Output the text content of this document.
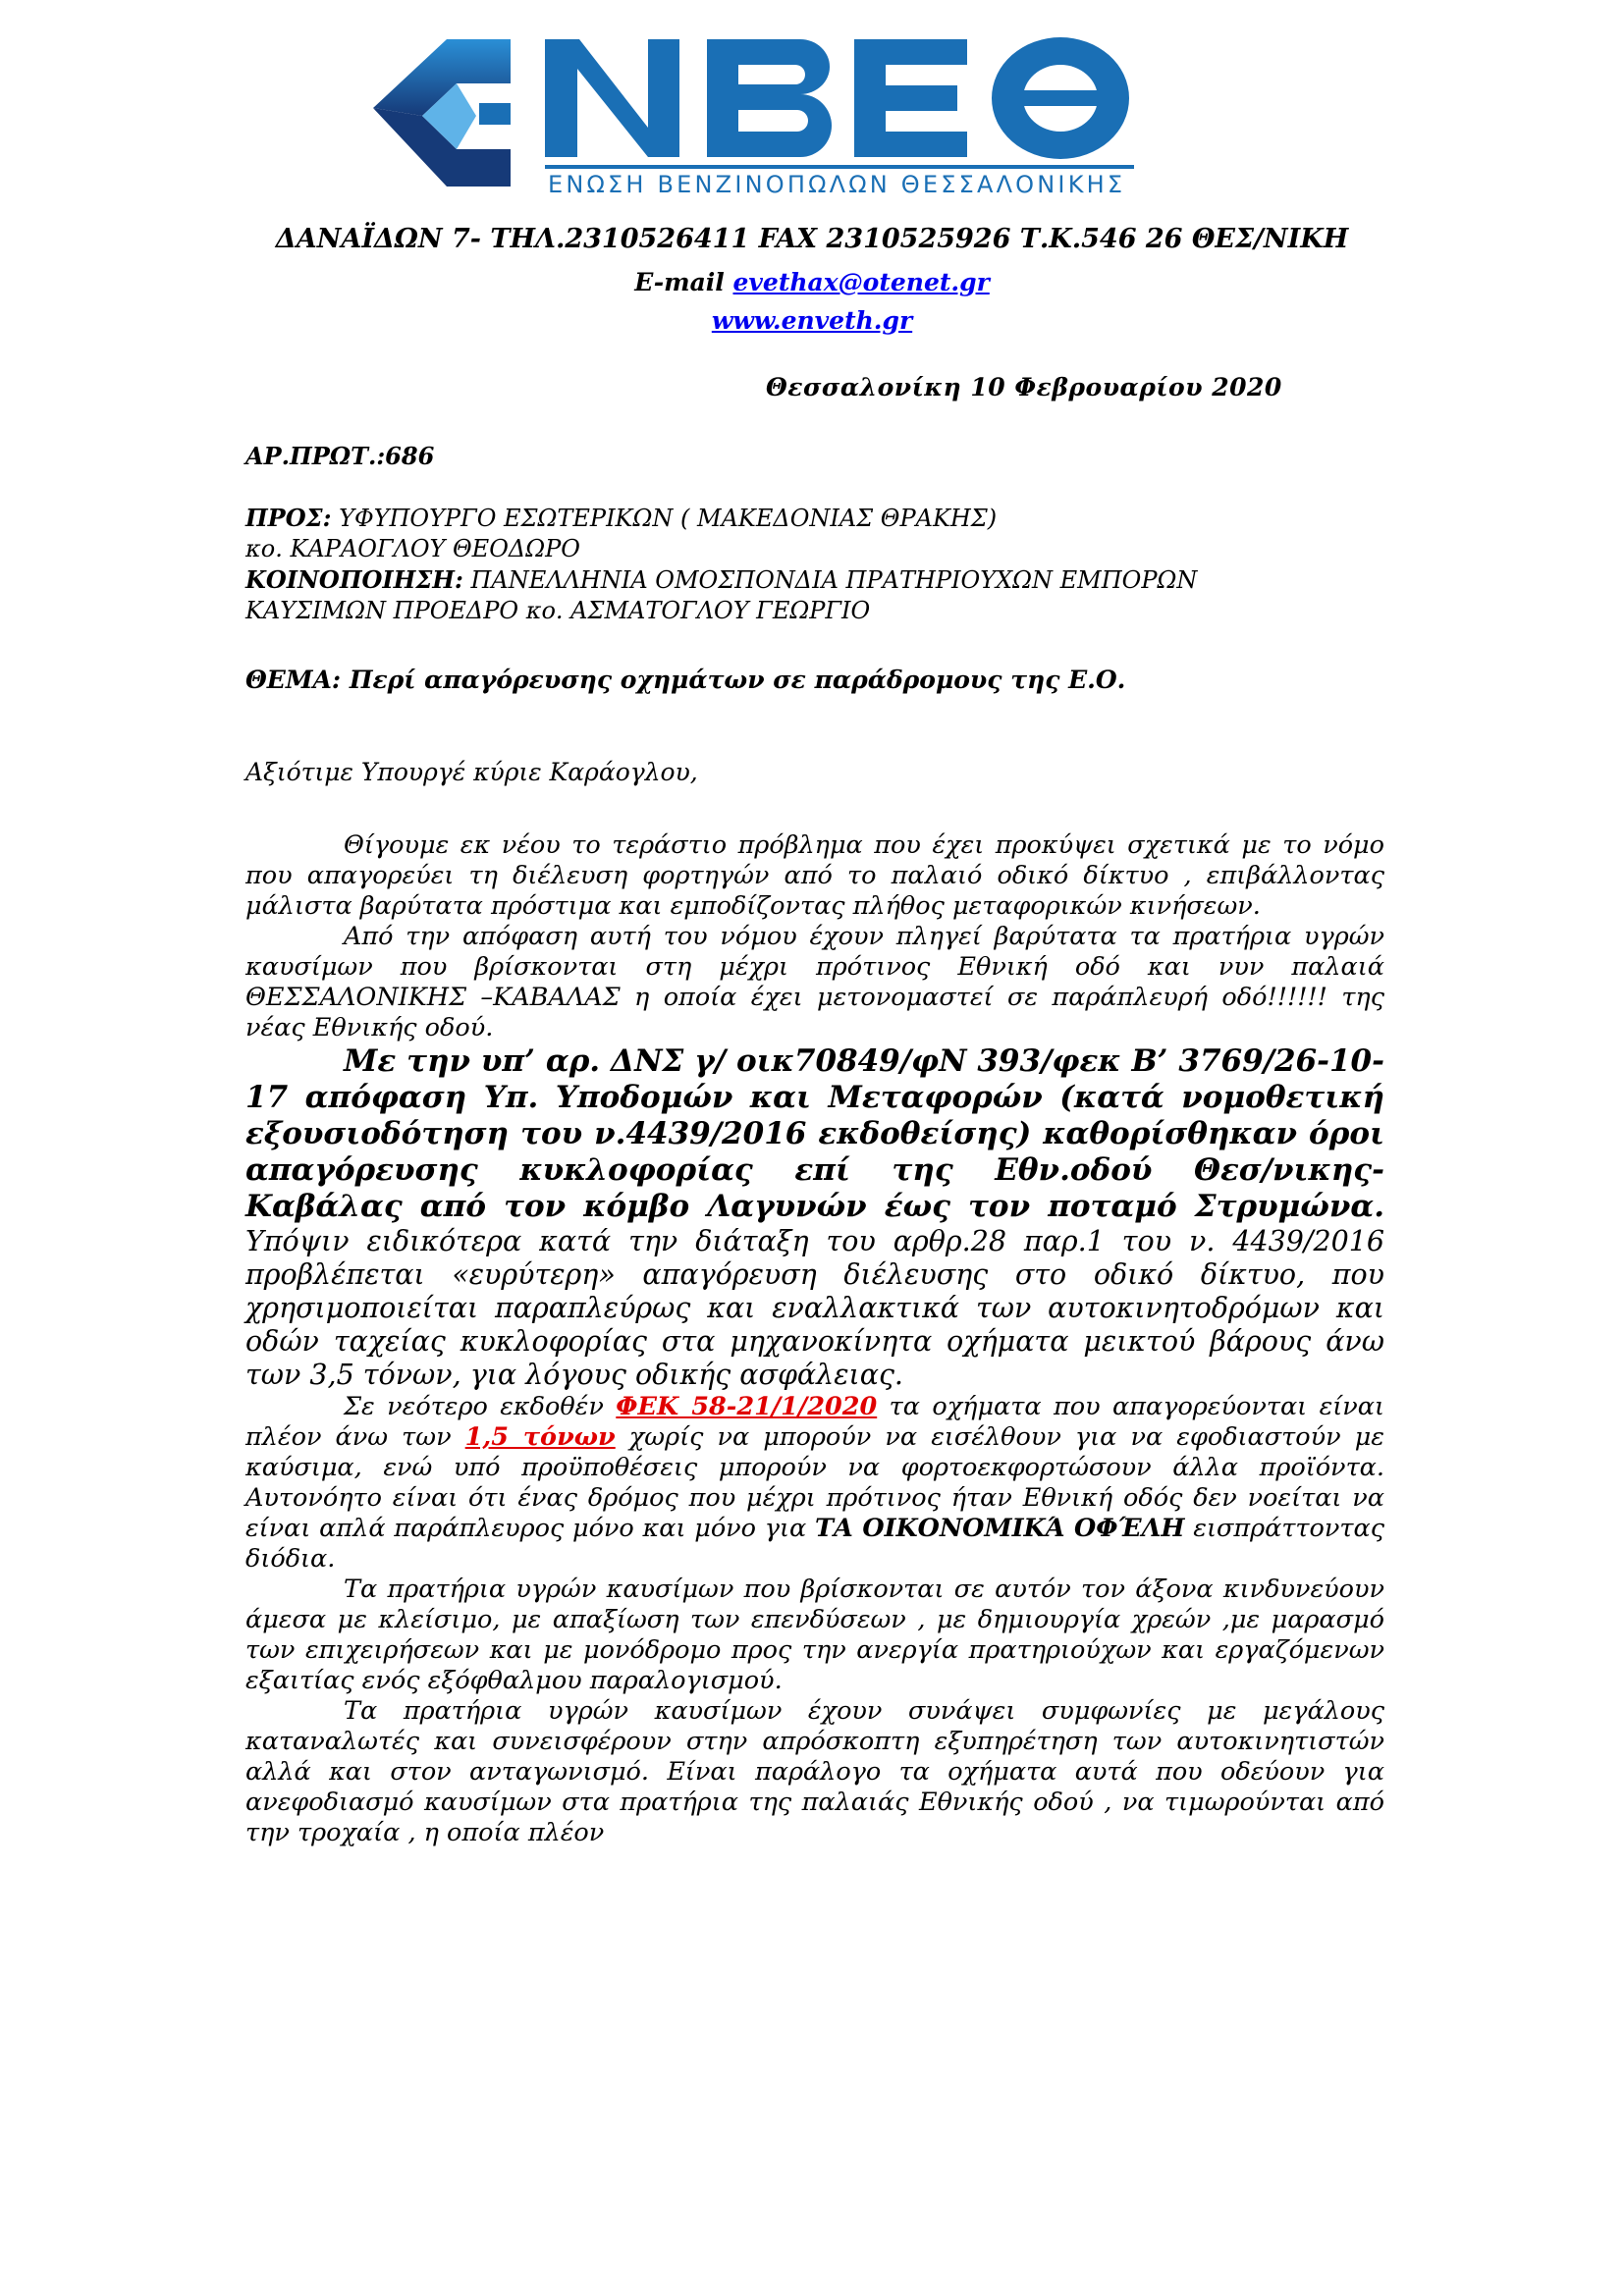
ΕΝΩΣΗ ΒΕΝΖΙΝΟΠΩΛΩΝ ΘΕΣΣΑΛΟΝΙΚΗΣ
ΔΑΝΑΪΔΩΝ 7- ΤΗΛ.2310526411 FAX 2310525926 Τ.Κ.546 26 ΘΕΣ/ΝΙΚΗ
E-mail evethax@otenet.gr
www.enveth.gr
Θεσσαλονίκη 10 Φεβρουαρίου 2020
ΑΡ.ΠΡΩΤ.:686
ΠΡΟΣ: ΥΦΥΠΟΥΡΓΟ ΕΣΩΤΕΡΙΚΩΝ ( ΜΑΚΕΔΟΝΙΑΣ ΘΡΑΚΗΣ)
κο. ΚΑΡΑΟΓΛΟΥ ΘΕΟΔΩΡΟ
ΚΟΙΝΟΠΟΙΗΣΗ: ΠΑΝΕΛΛΗΝΙΑ ΟΜΟΣΠΟΝΔΙΑ ΠΡΑΤΗΡΙΟΥΧΩΝ ΕΜΠΟΡΩΝ
ΚΑΥΣΙΜΩΝ ΠΡΟΕΔΡΟ κο. ΑΣΜΑΤΟΓΛΟΥ ΓΕΩΡΓΙΟ
ΘΕΜΑ: Περί απαγόρευσης οχημάτων σε παράδρομους της Ε.Ο.
Αξιότιμε Υπουργέ κύριε Καράογλου,

Θίγουμε εκ νέου το τεράστιο πρόβλημα που έχει προκύψει σχετικά με το νόμο που απαγορεύει τη διέλευση φορτηγών από το παλαιό οδικό δίκτυο , επιβάλλοντας μάλιστα βαρύτατα πρόστιμα και εμποδίζοντας πλήθος μεταφορικών κινήσεων.

Από την απόφαση αυτή του νόμου έχουν πληγεί βαρύτατα τα πρατήρια υγρών καυσίμων που βρίσκονται στη μέχρι πρότινος Εθνική οδό και νυν παλαιά ΘΕΣΣΑΛΟΝΙΚΗΣ –ΚΑΒΑΛΑΣ η οποία έχει μετονομαστεί σε παράπλευρή οδό!!!!!! της νέας Εθνικής οδού.

Με την υπ’ αρ. ΔΝΣ γ/ οικ70849/φΝ 393/φεκ Β’ 3769/26-10-17 απόφαση Υπ. Υποδομών και Μεταφορών (κατά νομοθετική εξουσιοδότηση του ν.4439/2016 εκδοθείσης) καθορίσθηκαν όροι απαγόρευσης κυκλοφορίας επί της Εθν.οδού Θεσ/νικης- Καβάλας από τον κόμβο Λαγυνών έως τον ποταμό Στρυμώνα. Υπόψιν ειδικότερα κατά την διάταξη του αρθρ.28 παρ.1 του ν. 4439/2016 προβλέπεται «ευρύτερη» απαγόρευση διέλευσης στο οδικό δίκτυο, που χρησιμοποιείται παραπλεύρως και εναλλακτικά των αυτοκινητοδρόμων και οδών ταχείας κυκλοφορίας στα μηχανοκίνητα οχήματα μεικτού βάρους άνω των 3,5 τόνων, για λόγους οδικής ασφάλειας.

Σε νεότερο εκδοθέν ΦΕΚ 58-21/1/2020 τα οχήματα που απαγορεύονται είναι πλέον άνω των 1,5 τόνων χωρίς να μπορούν να εισέλθουν για να εφοδιαστούν με καύσιμα, ενώ υπό προϋποθέσεις μπορούν να φορτοεκφορτώσουν άλλα προϊόντα. Αυτονόητο είναι ότι ένας δρόμος που μέχρι πρότινος ήταν Εθνική οδός δεν νοείται να είναι απλά παράπλευρος μόνο και μόνο για ΤΑ ΟΙΚΟΝΟΜΙΚΆ ΟΦΈΛΗ εισπράττοντας διόδια.

Τα πρατήρια υγρών καυσίμων που βρίσκονται σε αυτόν τον άξονα κινδυνεύουν άμεσα με κλείσιμο, με απαξίωση των επενδύσεων , με δημιουργία χρεών ,με μαρασμό των επιχειρήσεων και με μονόδρομο προς την ανεργία πρατηριούχων και εργαζόμενων εξαιτίας ενός εξόφθαλμου παραλογισμού.

Τα πρατήρια υγρών καυσίμων έχουν συνάψει συμφωνίες με μεγάλους καταναλωτές και συνεισφέρουν στην απρόσκοπτη εξυπηρέτηση των αυτοκινητιστών αλλά και στον ανταγωνισμό. Είναι παράλογο τα οχήματα αυτά που οδεύουν για ανεφοδιασμό καυσίμων στα πρατήρια της παλαιάς Εθνικής οδού , να τιμωρούνται από την τροχαία , η οποία πλέον
